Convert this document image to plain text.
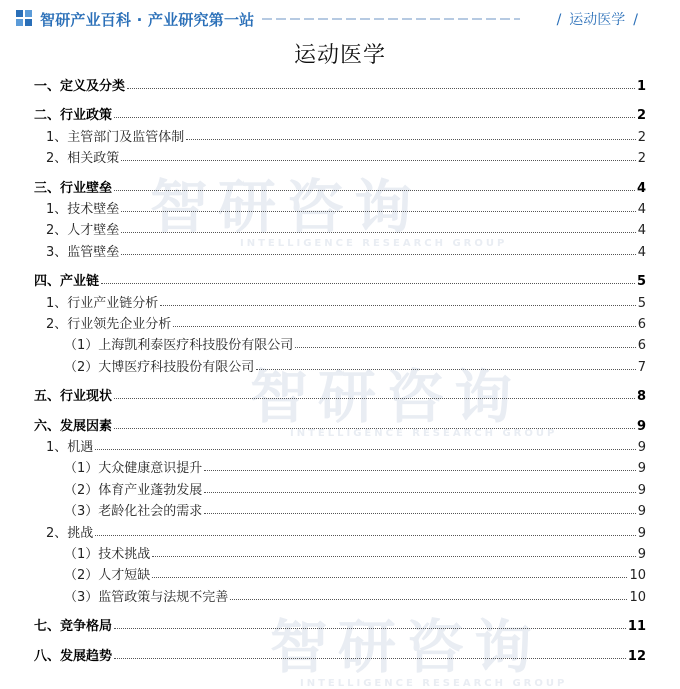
智研产业百科 · 产业研究第一站	/ 运动医学 /
智研咨询
INTELLIGENCE RESEARCH GROUP
智研咨询
INTELLIGENCE RESEARCH GROUP
智研咨询
INTELLIGENCE RESEARCH GROUP
运动医学
一、定义及分类	1
二、行业政策	2
1、主管部门及监管体制	2
2、相关政策	2
三、行业壁垒	4
1、技术壁垒	4
2、人才壁垒	4
3、监管壁垒	4
四、产业链	5
1、行业产业链分析	5
2、行业领先企业分析	6
（1）上海凯利泰医疗科技股份有限公司	6
（2）大博医疗科技股份有限公司	7
五、行业现状	8
六、发展因素	9
1、机遇	9
（1）大众健康意识提升	9
（2）体育产业蓬勃发展	9
（3）老龄化社会的需求	9
2、挑战	9
（1）技术挑战	9
（2）人才短缺	10
（3）监管政策与法规不完善	10
七、竞争格局	11
八、发展趋势	12
